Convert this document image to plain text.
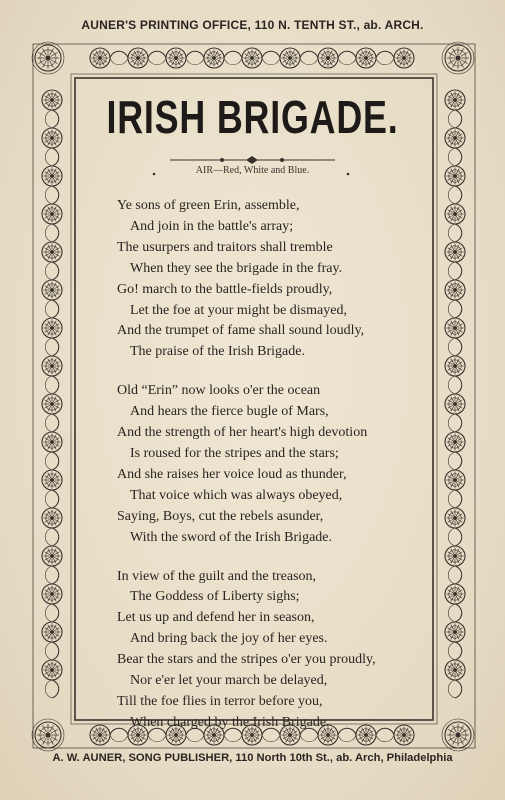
AUNER'S PRINTING OFFICE, 110 N. TENTH ST., ab. ARCH.
IRISH BRIGADE.
AIR—Red, White and Blue.
Ye sons of green Erin, assemble,
And join in the battle's array;
The usurpers and traitors shall tremble
When they see the brigade in the fray.
Go! march to the battle-fields proudly,
Let the foe at your might be dismayed,
And the trumpet of fame shall sound loudly,
The praise of the Irish Brigade.
Old “Erin” now looks o'er the ocean
And hears the fierce bugle of Mars,
And the strength of her heart's high devotion
Is roused for the stripes and the stars;
And she raises her voice loud as thunder,
That voice which was always obeyed,
Saying, Boys, cut the rebels asunder,
With the sword of the Irish Brigade.
In view of the guilt and the treason,
The Goddess of Liberty sighs;
Let us up and defend her in season,
And bring back the joy of her eyes.
Bear the stars and the stripes o'er you proudly,
Nor e'er let your march be delayed,
Till the foe flies in terror before you,
When charged by the Irish Brigade.
A. W. AUNER, SONG PUBLISHER, 110 North 10th St., ab. Arch, Philadelphia
